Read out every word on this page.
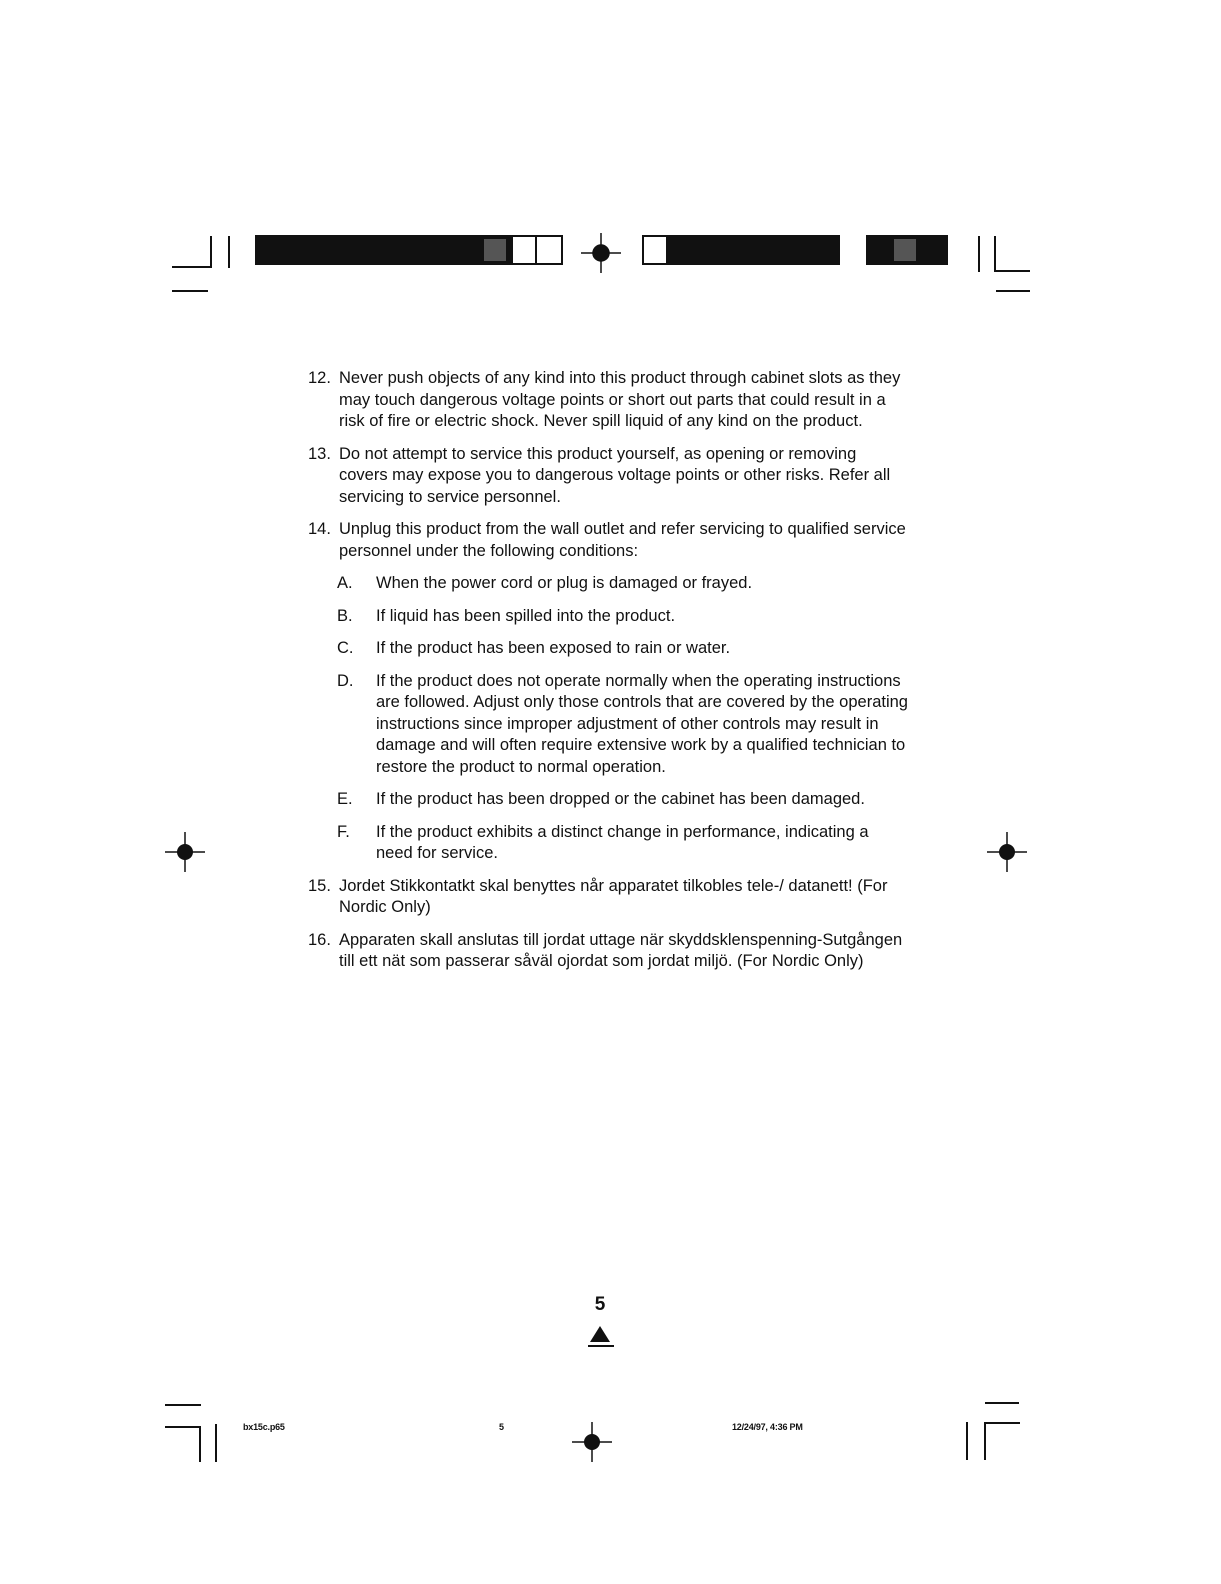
12. Never push objects of any kind into this product through cabinet slots as they may touch dangerous voltage points or short out parts that could result in a risk of fire or electric shock. Never spill liquid of any kind on the product.
13. Do not attempt to service this product yourself, as opening or removing covers may expose you to dangerous voltage points or other risks. Refer all servicing to service personnel.
14. Unplug this product from the wall outlet and refer servicing to qualified service personnel under the following conditions:
A. When the power cord or plug is damaged or frayed.
B. If liquid has been spilled into the product.
C. If the product has been exposed to rain or water.
D. If the product does not operate normally when the operating instructions are followed. Adjust only those controls that are covered by the operating instructions since improper adjustment of other controls may result in damage and will often require extensive work by a qualified technician to restore the product to normal operation.
E. If the product has been dropped or the cabinet has been damaged.
F. If the product exhibits a distinct change in performance, indicating a need for service.
15. Jordet Stikkontatkt skal benyttes når apparatet tilkobles tele-/ datanett! (For Nordic Only)
16. Apparaten skall anslutas till jordat uttage när skyddsklenspenning-Sutgången till ett nät som passerar såväl ojordat som jordat miljö. (For Nordic Only)
5
bx15c.p65	5	12/24/97, 4:36 PM
